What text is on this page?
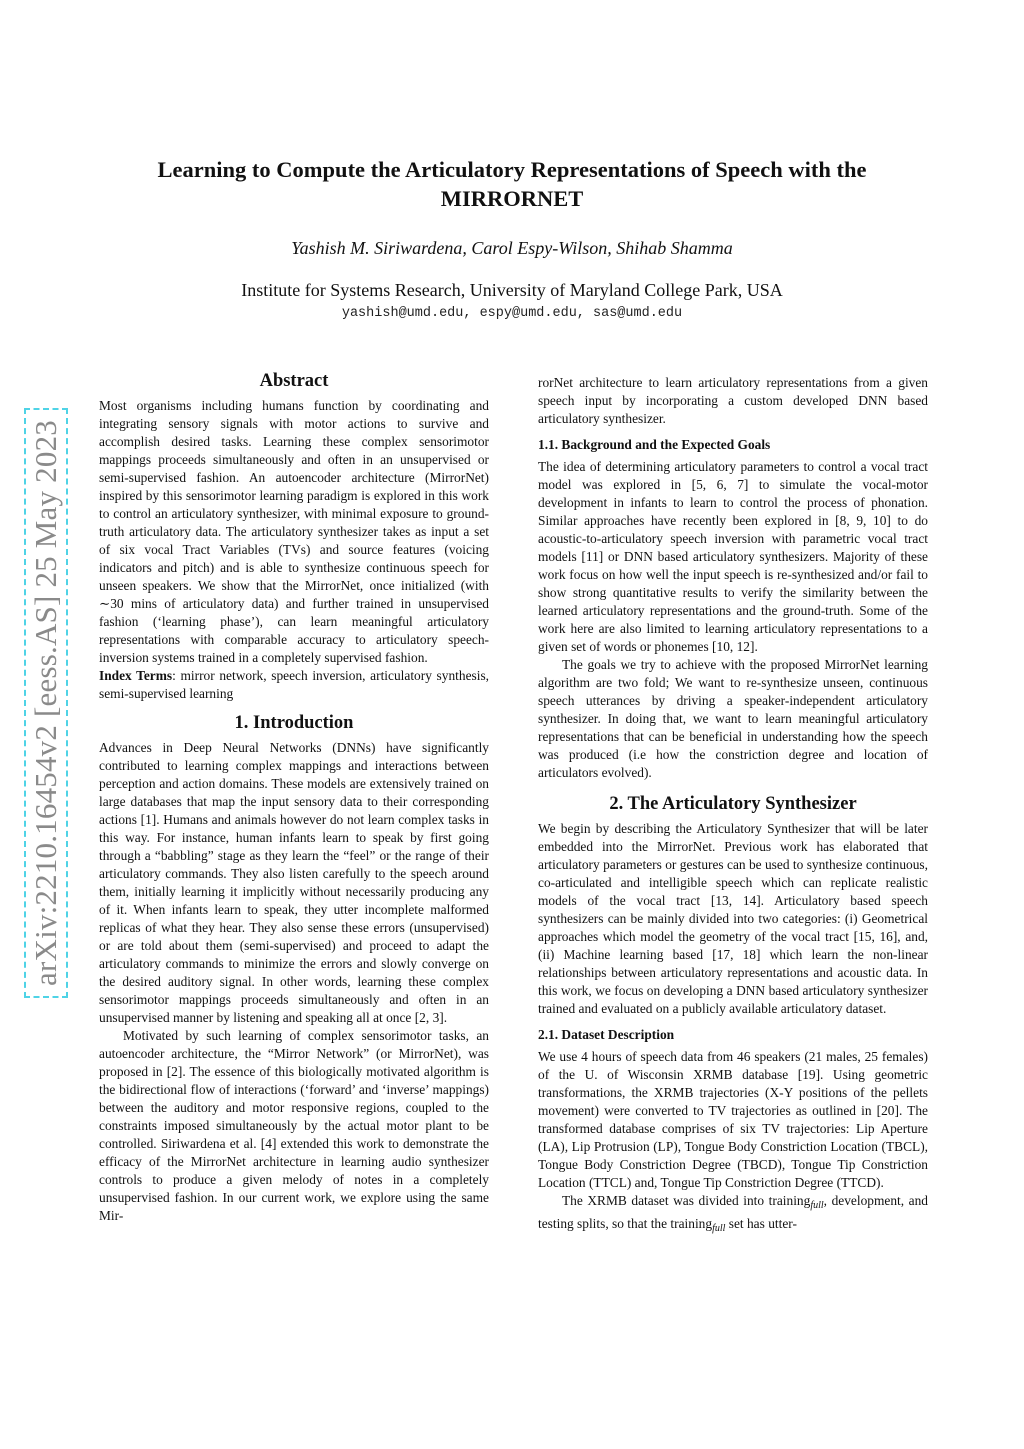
Learning to Compute the Articulatory Representations of Speech with the
MIRRORNET
Yashish M. Siriwardena, Carol Espy-Wilson, Shihab Shamma
Institute for Systems Research, University of Maryland College Park, USA
yashish@umd.edu, espy@umd.edu, sas@umd.edu
arXiv:2210.16454v2 [eess.AS] 25 May 2023
Abstract

Most organisms including humans function by coordinating and integrating sensory signals with motor actions to survive and accomplish desired tasks. Learning these complex sensorimotor mappings proceeds simultaneously and often in an unsupervised or semi-supervised fashion. An autoencoder architecture (MirrorNet) inspired by this sensorimotor learning paradigm is explored in this work to control an articulatory synthesizer, with minimal exposure to ground-truth articulatory data. The articulatory synthesizer takes as input a set of six vocal Tract Variables (TVs) and source features (voicing indicators and pitch) and is able to synthesize continuous speech for unseen speakers. We show that the MirrorNet, once initialized (with ∼30 mins of articulatory data) and further trained in unsupervised fashion (‘learning phase’), can learn meaningful articulatory representations with comparable accuracy to articulatory speech-inversion systems trained in a completely supervised fashion.

Index Terms: mirror network, speech inversion, articulatory synthesis, semi-supervised learning

1. Introduction

Advances in Deep Neural Networks (DNNs) have significantly contributed to learning complex mappings and interactions between perception and action domains. These models are extensively trained on large databases that map the input sensory data to their corresponding actions [1]. Humans and animals however do not learn complex tasks in this way. For instance, human infants learn to speak by first going through a “babbling” stage as they learn the “feel” or the range of their articulatory commands. They also listen carefully to the speech around them, initially learning it implicitly without necessarily producing any of it. When infants learn to speak, they utter incomplete malformed replicas of what they hear. They also sense these errors (unsupervised) or are told about them (semi-supervised) and proceed to adapt the articulatory commands to minimize the errors and slowly converge on the desired auditory signal. In other words, learning these complex sensorimotor mappings proceeds simultaneously and often in an unsupervised manner by listening and speaking all at once [2, 3].

Motivated by such learning of complex sensorimotor tasks, an autoencoder architecture, the “Mirror Network” (or MirrorNet), was proposed in [2]. The essence of this biologically motivated algorithm is the bidirectional flow of interactions (‘forward’ and ‘inverse’ mappings) between the auditory and motor responsive regions, coupled to the constraints imposed simultaneously by the actual motor plant to be controlled. Siriwardena et al. [4] extended this work to demonstrate the efficacy of the MirrorNet architecture in learning audio synthesizer controls to produce a given melody of notes in a completely unsupervised fashion. In our current work, we explore using the same Mir-

rorNet architecture to learn articulatory representations from a given speech input by incorporating a custom developed DNN based articulatory synthesizer.

1.1. Background and the Expected Goals

The idea of determining articulatory parameters to control a vocal tract model was explored in [5, 6, 7] to simulate the vocal-motor development in infants to learn to control the process of phonation. Similar approaches have recently been explored in [8, 9, 10] to do acoustic-to-articulatory speech inversion with parametric vocal tract models [11] or DNN based articulatory synthesizers. Majority of these work focus on how well the input speech is re-synthesized and/or fail to show strong quantitative results to verify the similarity between the learned articulatory representations and the ground-truth. Some of the work here are also limited to learning articulatory representations to a given set of words or phonemes [10, 12].

The goals we try to achieve with the proposed MirrorNet learning algorithm are two fold; We want to re-synthesize unseen, continuous speech utterances by driving a speaker-independent articulatory synthesizer. In doing that, we want to learn meaningful articulatory representations that can be beneficial in understanding how the speech was produced (i.e how the constriction degree and location of articulators evolved).

2. The Articulatory Synthesizer

We begin by describing the Articulatory Synthesizer that will be later embedded into the MirrorNet. Previous work has elaborated that articulatory parameters or gestures can be used to synthesize continuous, co-articulated and intelligible speech which can replicate realistic models of the vocal tract [13, 14]. Articulatory based speech synthesizers can be mainly divided into two categories: (i) Geometrical approaches which model the geometry of the vocal tract [15, 16], and, (ii) Machine learning based [17, 18] which learn the non-linear relationships between articulatory representations and acoustic data. In this work, we focus on developing a DNN based articulatory synthesizer trained and evaluated on a publicly available articulatory dataset.

2.1. Dataset Description

We use 4 hours of speech data from 46 speakers (21 males, 25 females) of the U. of Wisconsin XRMB database [19]. Using geometric transformations, the XRMB trajectories (X-Y positions of the pellets movement) were converted to TV trajectories as outlined in [20]. The transformed database comprises of six TV trajectories: Lip Aperture (LA), Lip Protrusion (LP), Tongue Body Constriction Location (TBCL), Tongue Body Constriction Degree (TBCD), Tongue Tip Constriction Location (TTCL) and, Tongue Tip Constriction Degree (TTCD).

The XRMB dataset was divided into training$_{full}$, development, and testing splits, so that the training$_{full}$ set has utter-
